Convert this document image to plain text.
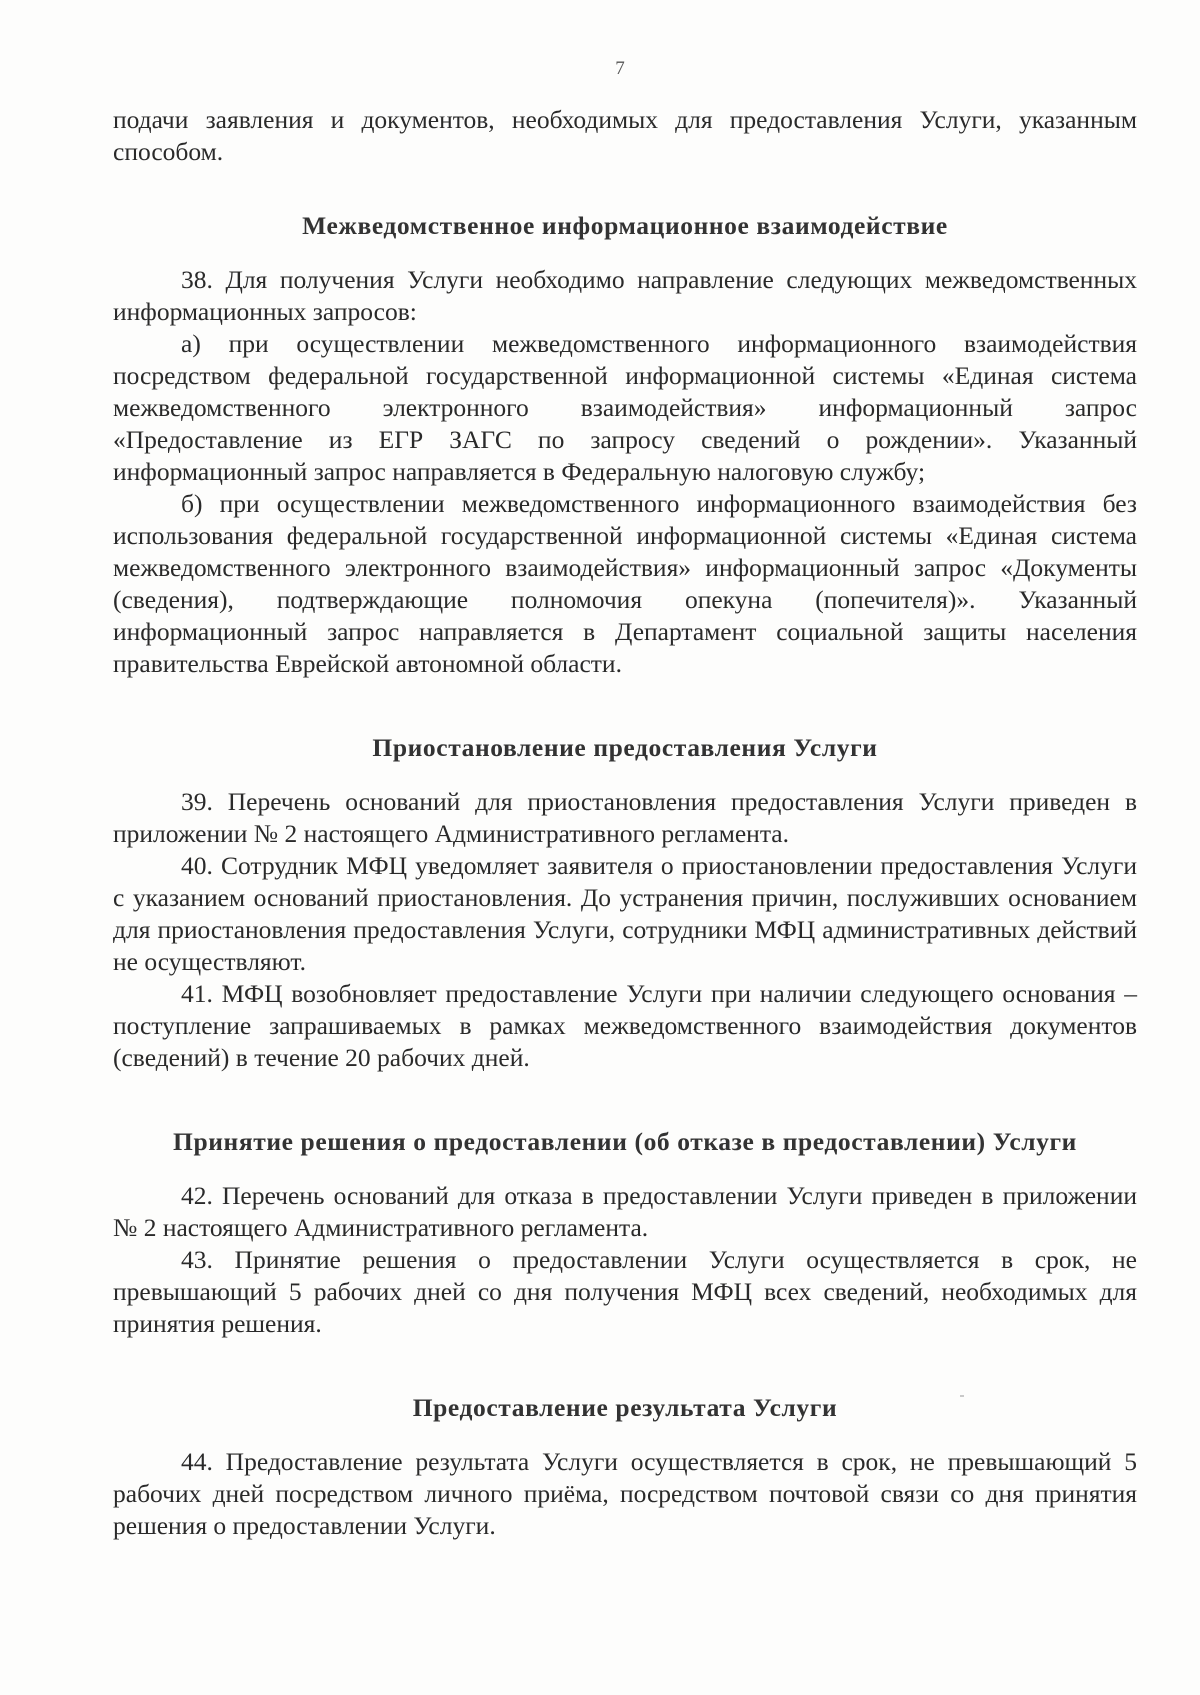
7

подачи заявления и документов, необходимых для предоставления Услуги, указанным способом.

Межведомственное информационное взаимодействие

38. Для получения Услуги необходимо направление следующих межведомственных информационных запросов:

а) при осуществлении межведомственного информационного взаимодействия посредством федеральной государственной информационной системы «Единая система межведомственного электронного взаимодействия» информационный запрос «Предоставление из ЕГР ЗАГС по запросу сведений о рождении». Указанный информационный запрос направляется в Федеральную налоговую службу;

б) при осуществлении межведомственного информационного взаимодействия без использования федеральной государственной информационной системы «Единая система межведомственного электронного взаимодействия» информационный запрос «Документы (сведения), подтверждающие полномочия опекуна (попечителя)». Указанный информационный запрос направляется в Департамент социальной защиты населения правительства Еврейской автономной области.

Приостановление предоставления Услуги

39. Перечень оснований для приостановления предоставления Услуги приведен в приложении № 2 настоящего Административного регламента.

40. Сотрудник МФЦ уведомляет заявителя о приостановлении предоставления Услуги с указанием оснований приостановления. До устранения причин, послуживших основанием для приостановления предоставления Услуги, сотрудники МФЦ административных действий не осуществляют.

41. МФЦ возобновляет предоставление Услуги при наличии следующего основания – поступление запрашиваемых в рамках межведомственного взаимодействия документов (сведений) в течение 20 рабочих дней.

Принятие решения о предоставлении (об отказе в предоставлении) Услуги

42. Перечень оснований для отказа в предоставлении Услуги приведен в приложении № 2 настоящего Административного регламента.

43. Принятие решения о предоставлении Услуги осуществляется в срок, не превышающий 5 рабочих дней со дня получения МФЦ всех сведений, необходимых для принятия решения.

Предоставление результата Услуги

44. Предоставление результата Услуги осуществляется в срок, не превышающий 5 рабочих дней посредством личного приёма, посредством почтовой связи со дня принятия решения о предоставлении Услуги.
